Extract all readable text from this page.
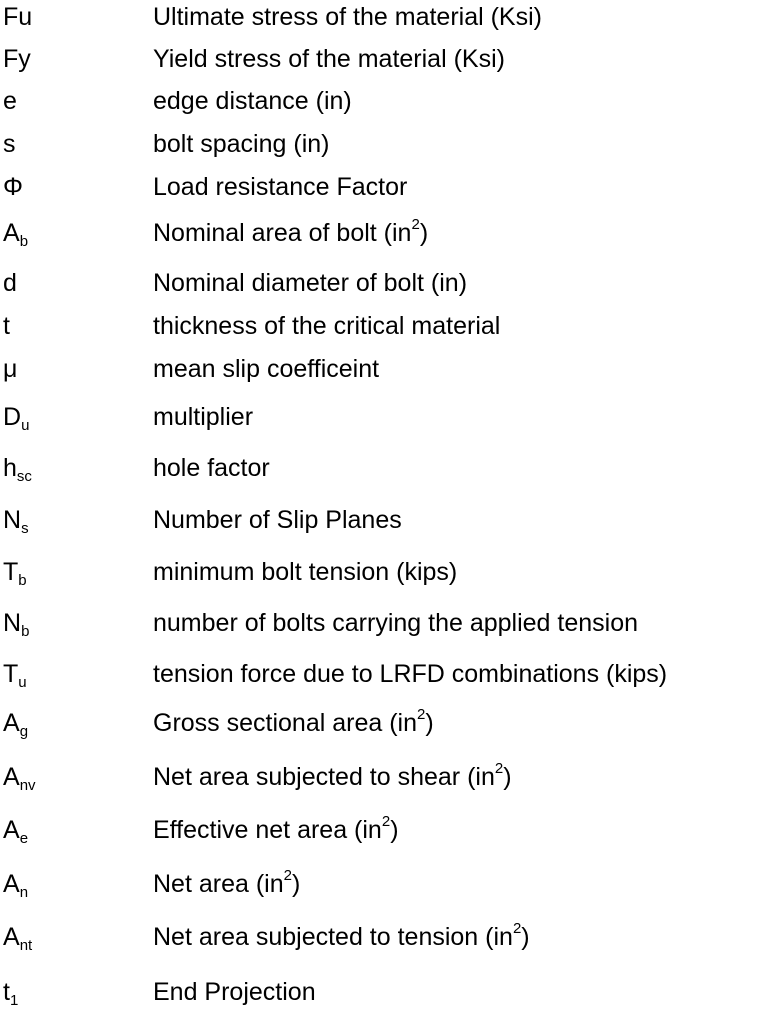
Fu	Ultimate stress of the material (Ksi)
Fy	Yield stress of the material (Ksi)
e	edge distance (in)
s	bolt spacing (in)
Φ	Load resistance Factor
$A_b$	Nominal area of bolt $(in^2)$
d	Nominal diameter of bolt (in)
t	thickness of the critical material
μ	mean slip coefficeint
$D_u$	multiplier
$h_{sc}$	hole factor
$N_s$	Number of Slip Planes
$T_b$	minimum bolt tension (kips)
$N_b$	number of bolts carrying the applied tension
$T_u$	tension force due to LRFD combinations (kips)
$A_g$	Gross sectional area $(in^2)$
$A_{nv}$	Net area subjected to shear $(in^2)$
$A_e$	Effective net area $(in^2)$
$A_n$	Net area $(in^2)$
$A_{nt}$	Net area subjected to tension $(in^2)$
$t_1$	End Projection
